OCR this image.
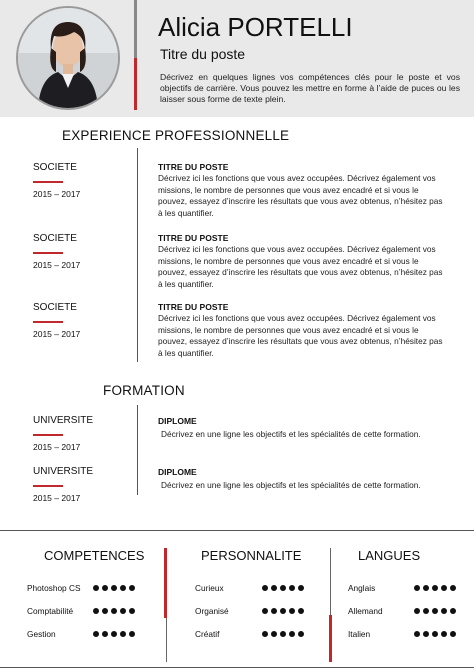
Alicia PORTELLI
Titre du poste
Décrivez en quelques lignes vos compétences clés pour le poste et vos objectifs de carrière. Vous pouvez les mettre en forme à l’aide de puces ou les laisser sous forme de texte plein.
EXPERIENCE PROFESSIONNELLE
SOCIETE
2015 – 2017
TITRE DU POSTE
Décrivez ici les fonctions que vous avez occupées. Décrivez également vos missions, le nombre de personnes que vous avez encadré et si vous le pouvez, essayez d’inscrire les résultats que vous avez obtenus, n’hésitez pas à les quantifier.
SOCIETE
2015 – 2017
TITRE DU POSTE
Décrivez ici les fonctions que vous avez occupées. Décrivez également vos missions, le nombre de personnes que vous avez encadré et si vous le pouvez, essayez d’inscrire les résultats que vous avez obtenus, n’hésitez pas à les quantifier.
SOCIETE
2015 – 2017
TITRE DU POSTE
Décrivez ici les fonctions que vous avez occupées. Décrivez également vos missions, le nombre de personnes que vous avez encadré et si vous le pouvez, essayez d’inscrire les résultats que vous avez obtenus, n’hésitez pas à les quantifier.
FORMATION
UNIVERSITE
2015 – 2017
DIPLOME
Décrivez en une ligne les objectifs et les spécialités de cette formation.
UNIVERSITE
2015 – 2017
DIPLOME
Décrivez en une ligne les objectifs et les spécialités de cette formation.
COMPETENCES	PERSONNALITE	LANGUES
Photoshop CS
Comptabilité
Gestion
Curieux
Organisé
Créatif
Anglais
Allemand
Italien
